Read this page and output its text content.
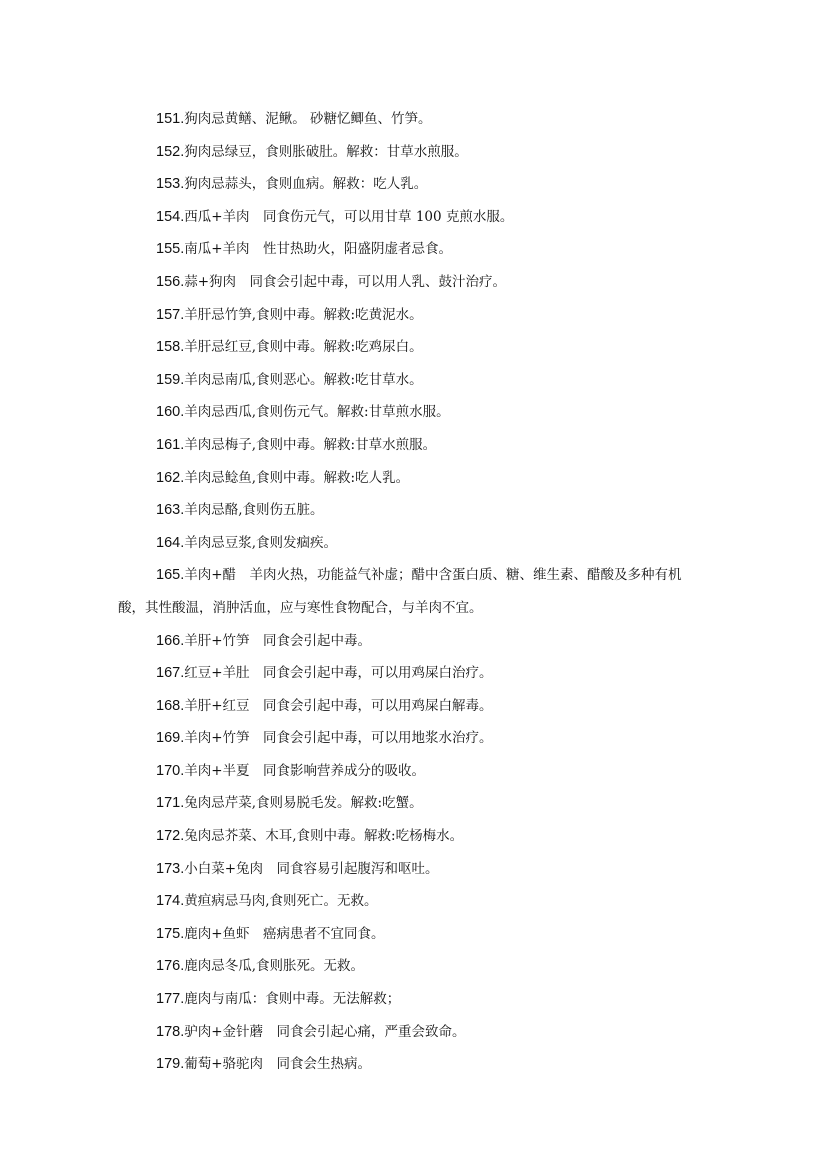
151.狗肉忌黄鳝、泥鳅。 砂糖忆鲫鱼、竹笋。

152.狗肉忌绿豆，食则胀破肚。解救：甘草水煎服。

153.狗肉忌蒜头，食则血病。解救：吃人乳。

154.西瓜+羊肉　同食伤元气，可以用甘草 100 克煎水服。

155.南瓜+羊肉　性甘热助火，阳盛阴虚者忌食。

156.蒜+狗肉　同食会引起中毒，可以用人乳、鼓汁治疗。

157.羊肝忌竹笋,食则中毒。解救:吃黄泥水。

158.羊肝忌红豆,食则中毒。解救:吃鸡尿白。

159.羊肉忌南瓜,食则恶心。解救:吃甘草水。

160.羊肉忌西瓜,食则伤元气。解救:甘草煎水服。

161.羊肉忌梅子,食则中毒。解救:甘草水煎服。

162.羊肉忌鲶鱼,食则中毒。解救:吃人乳。

163.羊肉忌酪,食则伤五脏。

164.羊肉忌豆浆,食则发痼疾。

165.羊肉+醋　羊肉火热，功能益气补虚；醋中含蛋白质、糖、维生素、醋酸及多种有机酸，其性酸温，消肿活血，应与寒性食物配合，与羊肉不宜。

166.羊肝+竹笋　同食会引起中毒。

167.红豆+羊肚　同食会引起中毒，可以用鸡屎白治疗。

168.羊肝+红豆　同食会引起中毒，可以用鸡屎白解毒。

169.羊肉+竹笋　同食会引起中毒，可以用地浆水治疗。

170.羊肉+半夏　同食影响营养成分的吸收。

171.兔肉忌芹菜,食则易脱毛发。解救:吃蟹。

172.兔肉忌芥菜、木耳,食则中毒。解救:吃杨梅水。

173.小白菜+兔肉　同食容易引起腹泻和呕吐。

174.黄疸病忌马肉,食则死亡。无救。

175.鹿肉+鱼虾　癌病患者不宜同食。

176.鹿肉忌冬瓜,食则胀死。无救。

177.鹿肉与南瓜：食则中毒。无法解救；

178.驴肉+金针蘑　同食会引起心痛，严重会致命。

179.葡萄+骆驼肉　同食会生热病。
